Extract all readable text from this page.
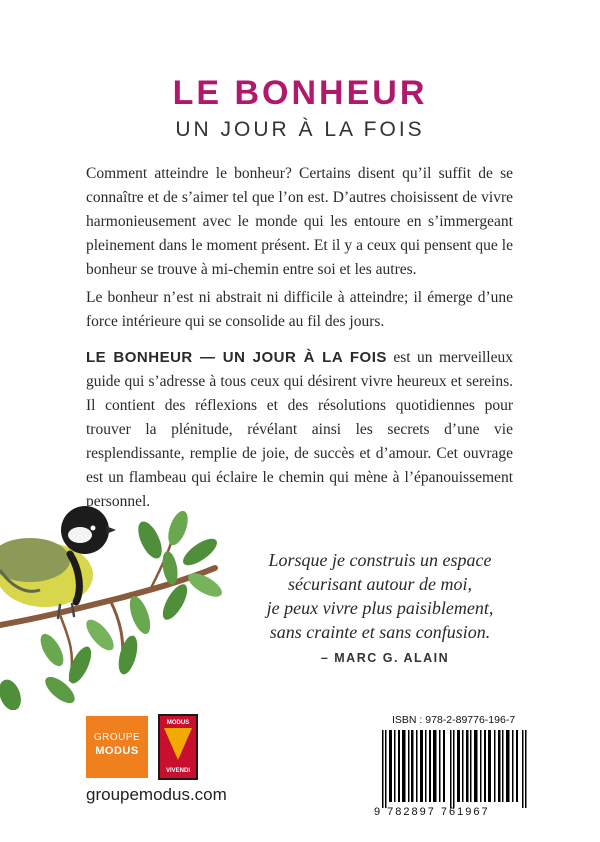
LE BONHEUR
UN JOUR À LA FOIS

Comment atteindre le bonheur? Certains disent qu’il suffit de se connaître et de s’aimer tel que l’on est. D’autres choisissent de vivre harmonieusement avec le monde qui les entoure en s’immergeant pleinement dans le moment présent. Et il y a ceux qui pensent que le bonheur se trouve à mi-chemin entre soi et les autres.

Le bonheur n’est ni abstrait ni difficile à atteindre; il émerge d’une force intérieure qui se consolide au fil des jours.

LE BONHEUR — UN JOUR À LA FOIS est un merveilleux guide qui s’adresse à tous ceux qui désirent vivre heureux et sereins. Il contient des réflexions et des résolutions quotidiennes pour trouver la plénitude, révélant ainsi les secrets d’une vie resplendissante, remplie de joie, de succès et d’amour. Cet ouvrage est un flambeau qui éclaire le chemin qui mène à l’épanouissement personnel.

Lorsque je construis un espace
sécurisant autour de moi,
je peux vivre plus paisiblement,
sans crainte et sans confusion.

– MARC G. ALAIN
GROUPE
MODUS
MODUS
VIVENDI
groupemodus.com
ISBN : 978-2-89776-196-7
9 782897 761967
